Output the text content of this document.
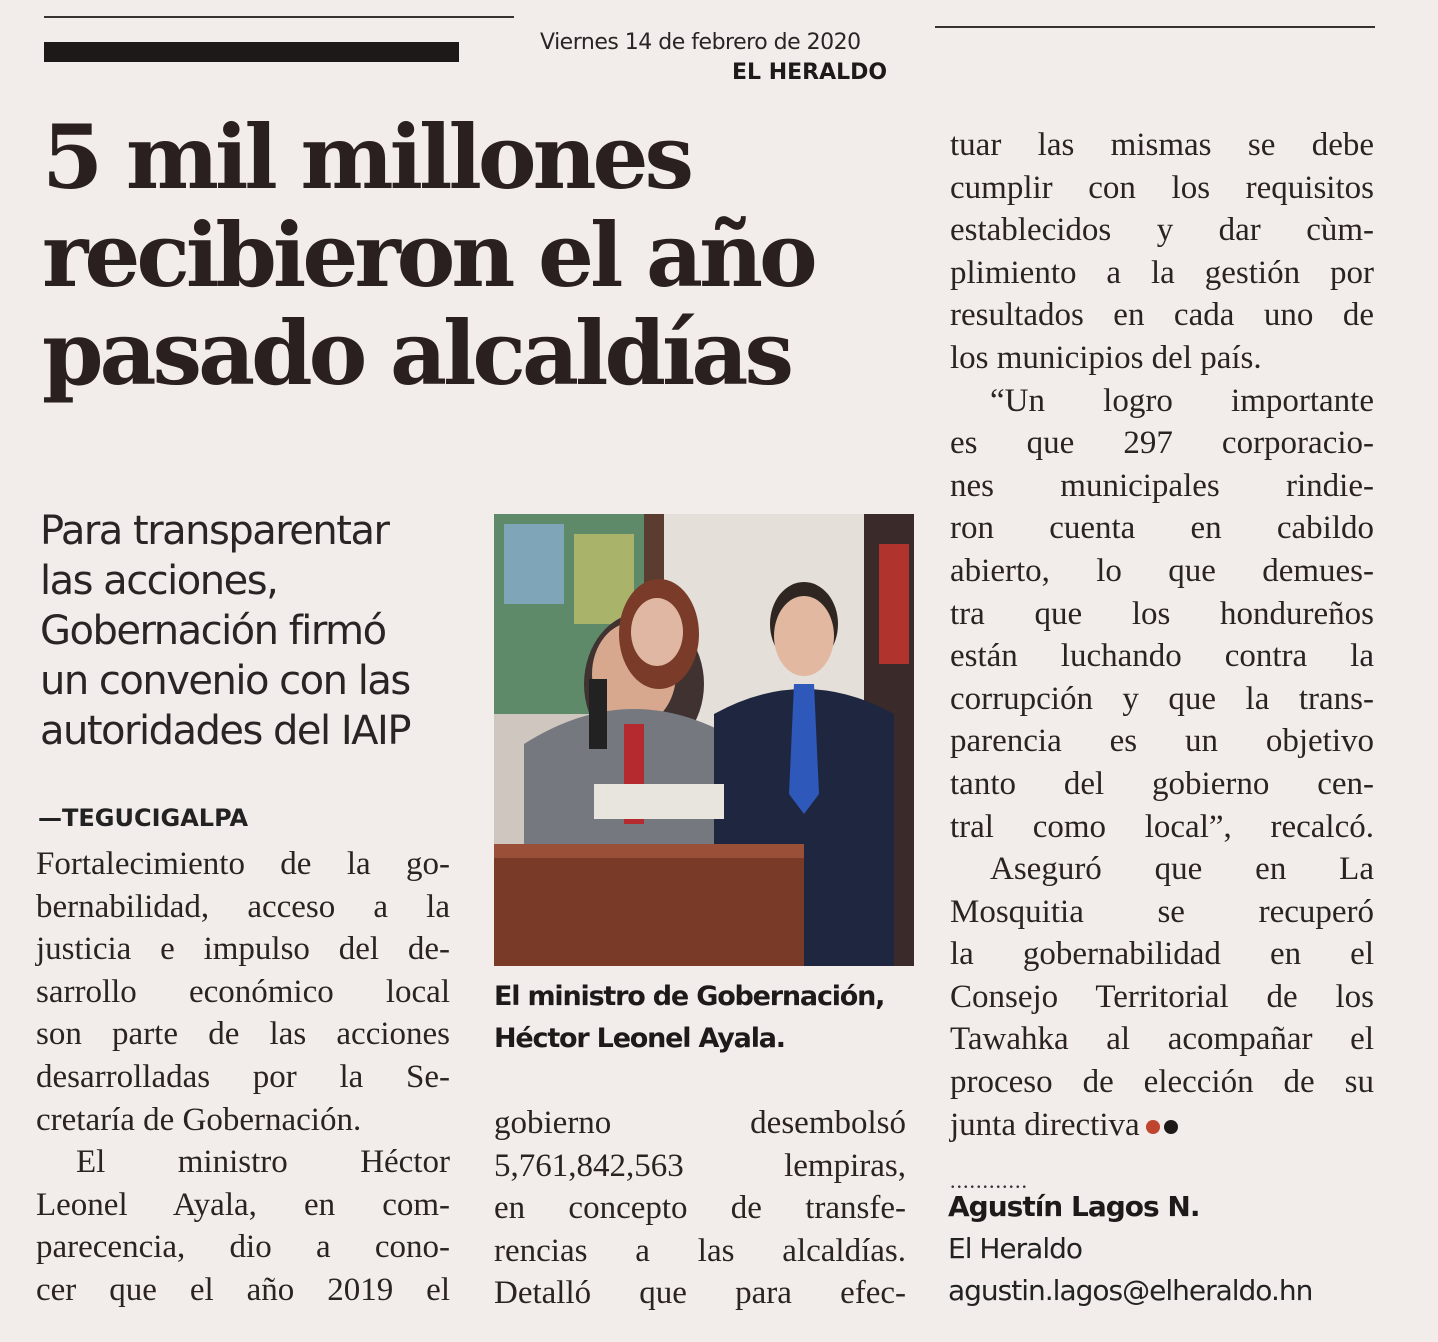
Viernes 14 de febrero de 2020
EL HERALDO
5 mil millones
recibieron el año
pasado alcaldías
Para transparentar
las acciones,
Gobernación firmó
un convenio con las
autoridades del IAIP
—TEGUCIGALPA

Fortalecimiento de la go-

bernabilidad, acceso a la

justicia e impulso del de-

sarrollo económico local

son parte de las acciones

desarrolladas por la Se-

cretaría de Gobernación.

El ministro Héctor

Leonel Ayala, en com-

parecencia, dio a cono-

cer que el año 2019 el

El ministro de Gobernación,
Héctor Leonel Ayala.

gobierno desembolsó

5,761,842,563 lempiras,

en concepto de transfe-

rencias a las alcaldías.

Detalló que para efec-

tuar las mismas se debe

cumplir con los requisitos

establecidos y dar cùm-

plimiento a la gestión por

resultados en cada uno de

los municipios del país.

“Un logro importante

es que 297 corporacio-

nes municipales rindie-

ron cuenta en cabildo

abierto, lo que demues-

tra que los hondureños

están luchando contra la

corrupción y que la trans-

parencia es un objetivo

tanto del gobierno cen-

tral como local”, recalcó.

Aseguró que en La

Mosquitia se recuperó

la gobernabilidad en el

Consejo Territorial de los

Tawahka al acompañar el

proceso de elección de su

junta directiva

............
Agustín Lagos N.
El Heraldo
agustin.lagos@elheraldo.hn
